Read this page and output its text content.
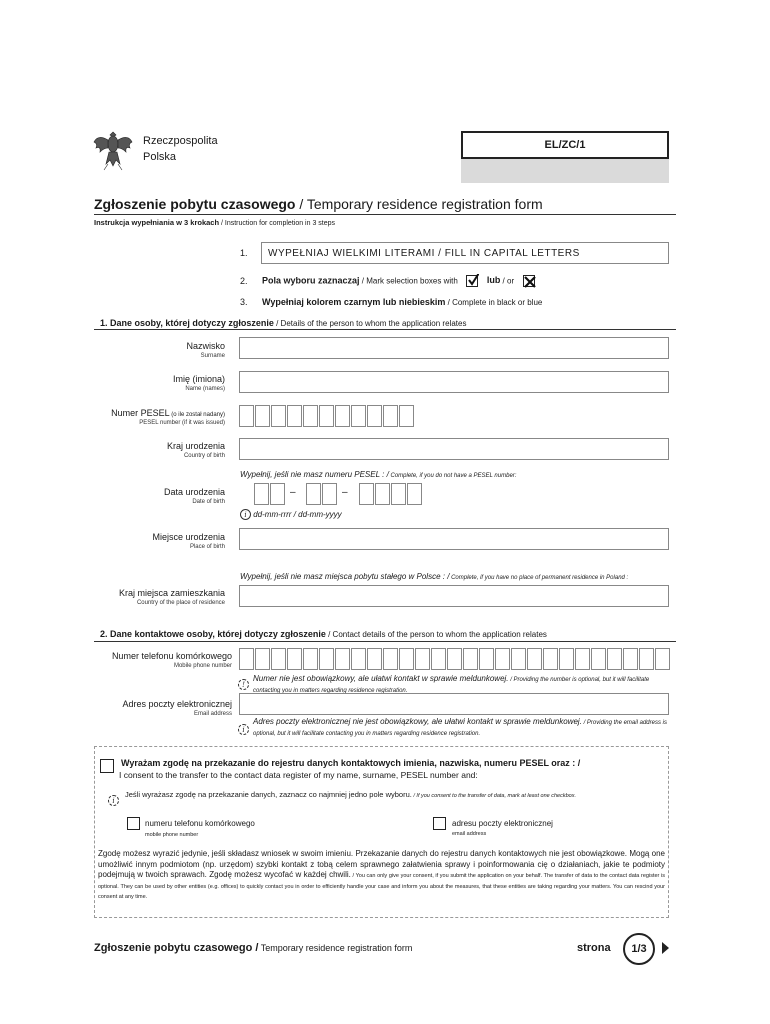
Rzeczpospolita
Polska
EL/ZC/1
Zgłoszenie pobytu czasowego / Temporary residence registration form
Instrukcja wypełniania w 3 krokach / Instruction for completion in 3 steps
1.	WYPEŁNIAJ WIELKIMI LITERAMI / FILL IN CAPITAL LETTERS
2. Pola wyboru zaznaczaj / Mark selection boxes with	lub / or
3. Wypełniaj kolorem czarnym lub niebieskim / Complete in black or blue
1. Dane osoby, której dotyczy zgłoszenie / Details of the person to whom the application relates
Nazwisko
Surname
Imię (imiona)
Name (names)
Numer PESEL (o ile został nadany)
PESEL number (if it was issued)
Kraj urodzenia
Country of birth
Wypełnij, jeśli nie masz numeru PESEL : / Complete, if you do not have a PESEL number:
Data urodzenia
Date of birth
–	–
i dd-mm-rrrr / dd-mm-yyyy
Miejsce urodzenia
Place of birth
Wypełnij, jeśli nie masz miejsca pobytu stałego w Polsce : / Complete, if you have no place of permanent residence in Poland :
Kraj miejsca zamieszkania
Country of the place of residence
2. Dane kontaktowe osoby, której dotyczy zgłoszenie / Contact details of the person to whom the application relates
Numer telefonu komórkowego
Mobile phone number
!
Numer nie jest obowiązkowy, ale ułatwi kontakt w sprawie meldunkowej. / Providing the number is optional, but it will facilitate contacting you in matters regarding residence registration.
Adres poczty elektronicznej
Email address
i
Adres poczty elektronicznej nie jest obowiązkowy, ale ułatwi kontakt w sprawie meldunkowej. / Providing the email address is optional, but it will facilitate contacting you in matters regarding residence registration.
Wyrażam zgodę na przekazanie do rejestru danych kontaktowych imienia, nazwiska, numeru PESEL oraz : /
I consent to the transfer to the contact data register of my name, surname, PESEL number and:
i
Jeśli wyrażasz zgodę na przekazanie danych, zaznacz co najmniej jedno pole wyboru. / If you consent to the transfer of data, mark at least one checkbox.
numeru telefonu komórkowego
mobile phone number
adresu poczty elektronicznej
email address
Zgodę możesz wyrazić jedynie, jeśli składasz wniosek w swoim imieniu. Przekazanie danych do rejestru danych kontaktowych nie jest obowiązkowe. Mogą one umożliwić innym podmiotom (np. urzędom) szybki kontakt z tobą celem sprawnego załatwienia sprawy i poinformowania cię o działaniach, jakie te podmioty podejmują w twoich sprawach. Zgodę możesz wycofać w każdej chwili. / You can only give your consent, if you submit the application on your behalf. The transfer of data to the contact data register is optional. They can be used by other entities (e.g. offices) to quickly contact you in order to efficiently handle your case and inform you about the measures, that these entities are taking regarding your matters. You can rescind your consent at any time.
Zgłoszenie pobytu czasowego / Temporary residence registration form	strona	1/3
